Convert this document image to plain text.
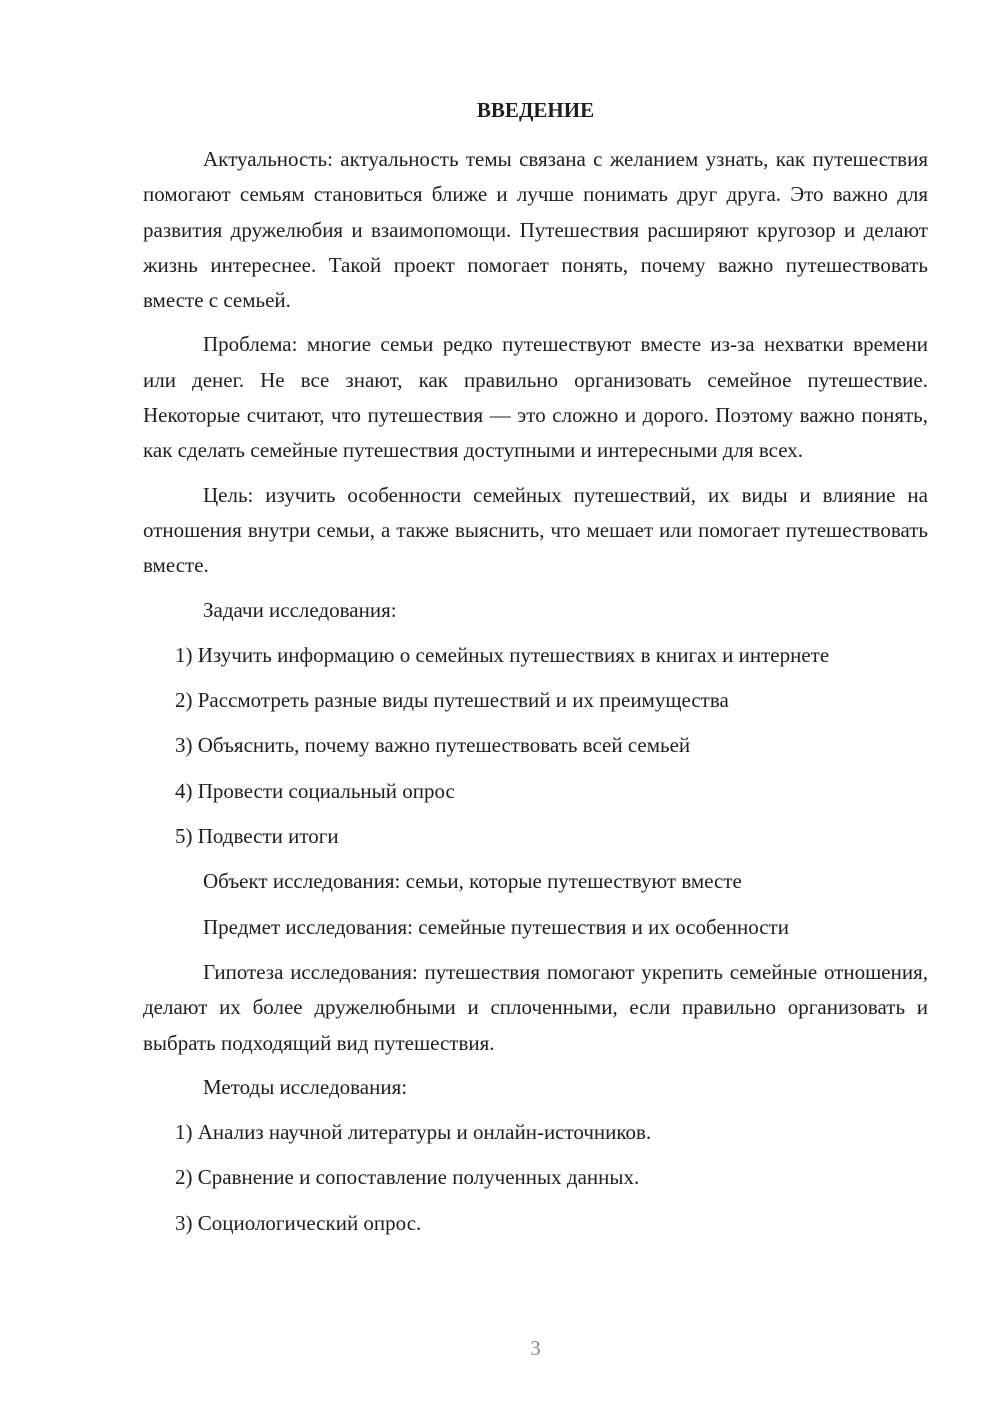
ВВЕДЕНИЕ

Актуальность: актуальность темы связана с желанием узнать, как путешествия помогают семьям становиться ближе и лучше понимать друг друга. Это важно для развития дружелюбия и взаимопомощи. Путешествия расширяют кругозор и делают жизнь интереснее. Такой проект помогает понять, почему важно путешествовать вместе с семьей.

Проблема: многие семьи редко путешествуют вместе из-за нехватки времени или денег. Не все знают, как правильно организовать семейное путешествие. Некоторые считают, что путешествия — это сложно и дорого. Поэтому важно понять, как сделать семейные путешествия доступными и интересными для всех.

Цель: изучить особенности семейных путешествий, их виды и влияние на отношения внутри семьи, а также выяснить, что мешает или помогает путешествовать вместе.

Задачи исследования:

1) Изучить информацию о семейных путешествиях в книгах и интернете

2) Рассмотреть разные виды путешествий и их преимущества

3) Объяснить, почему важно путешествовать всей семьей

4) Провести социальный опрос

5) Подвести итоги

Объект исследования: семьи, которые путешествуют вместе

Предмет исследования: семейные путешествия и их особенности

Гипотеза исследования: путешествия помогают укрепить семейные отношения, делают их более дружелюбными и сплоченными, если правильно организовать и выбрать подходящий вид путешествия.

Методы исследования:

1) Анализ научной литературы и онлайн-источников.

2) Сравнение и сопоставление полученных данных.

3) Социологический опрос.

3
